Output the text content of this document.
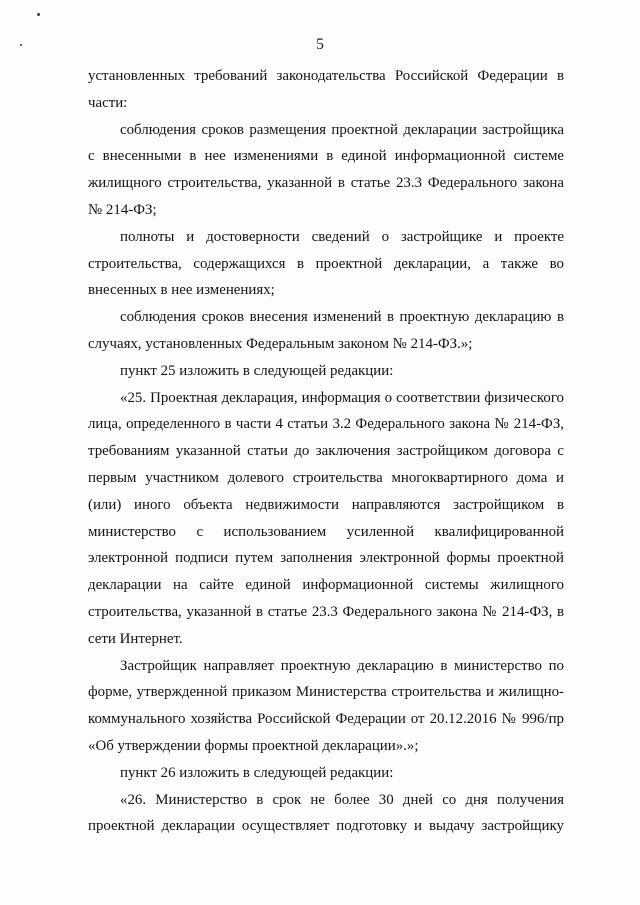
5

установленных требований законодательства Российской Федерации в части:

соблюдения сроков размещения проектной декларации застройщика с внесенными в нее изменениями в единой информационной системе жилищного строительства, указанной в статье 23.3 Федерального закона № 214-ФЗ;

полноты и достоверности сведений о застройщике и проекте строительства, содержащихся в проектной декларации, а также во внесенных в нее изменениях;

соблюдения сроков внесения изменений в проектную декларацию в случаях, установленных Федеральным законом № 214-ФЗ.»;

пункт 25 изложить в следующей редакции:

«25. Проектная декларация, информация о соответствии физического лица, определенного в части 4 статьи 3.2 Федерального закона № 214-ФЗ, требованиям указанной статьи до заключения застройщиком договора с первым участником долевого строительства многоквартирного дома и (или) иного объекта недвижимости направляются застройщиком в министерство с использованием усиленной квалифицированной электронной подписи путем заполнения электронной формы проектной декларации на сайте единой информационной системы жилищного строительства, указанной в статье 23.3 Федерального закона № 214-ФЗ, в сети Интернет.

Застройщик направляет проектную декларацию в министерство по форме, утвержденной приказом Министерства строительства и жилищно-коммунального хозяйства Российской Федерации от 20.12.2016 № 996/пр «Об утверждении формы проектной декларации».»;

пункт 26 изложить в следующей редакции:

«26. Министерство в срок не более 30 дней со дня получения проектной декларации осуществляет подготовку и выдачу застройщику
